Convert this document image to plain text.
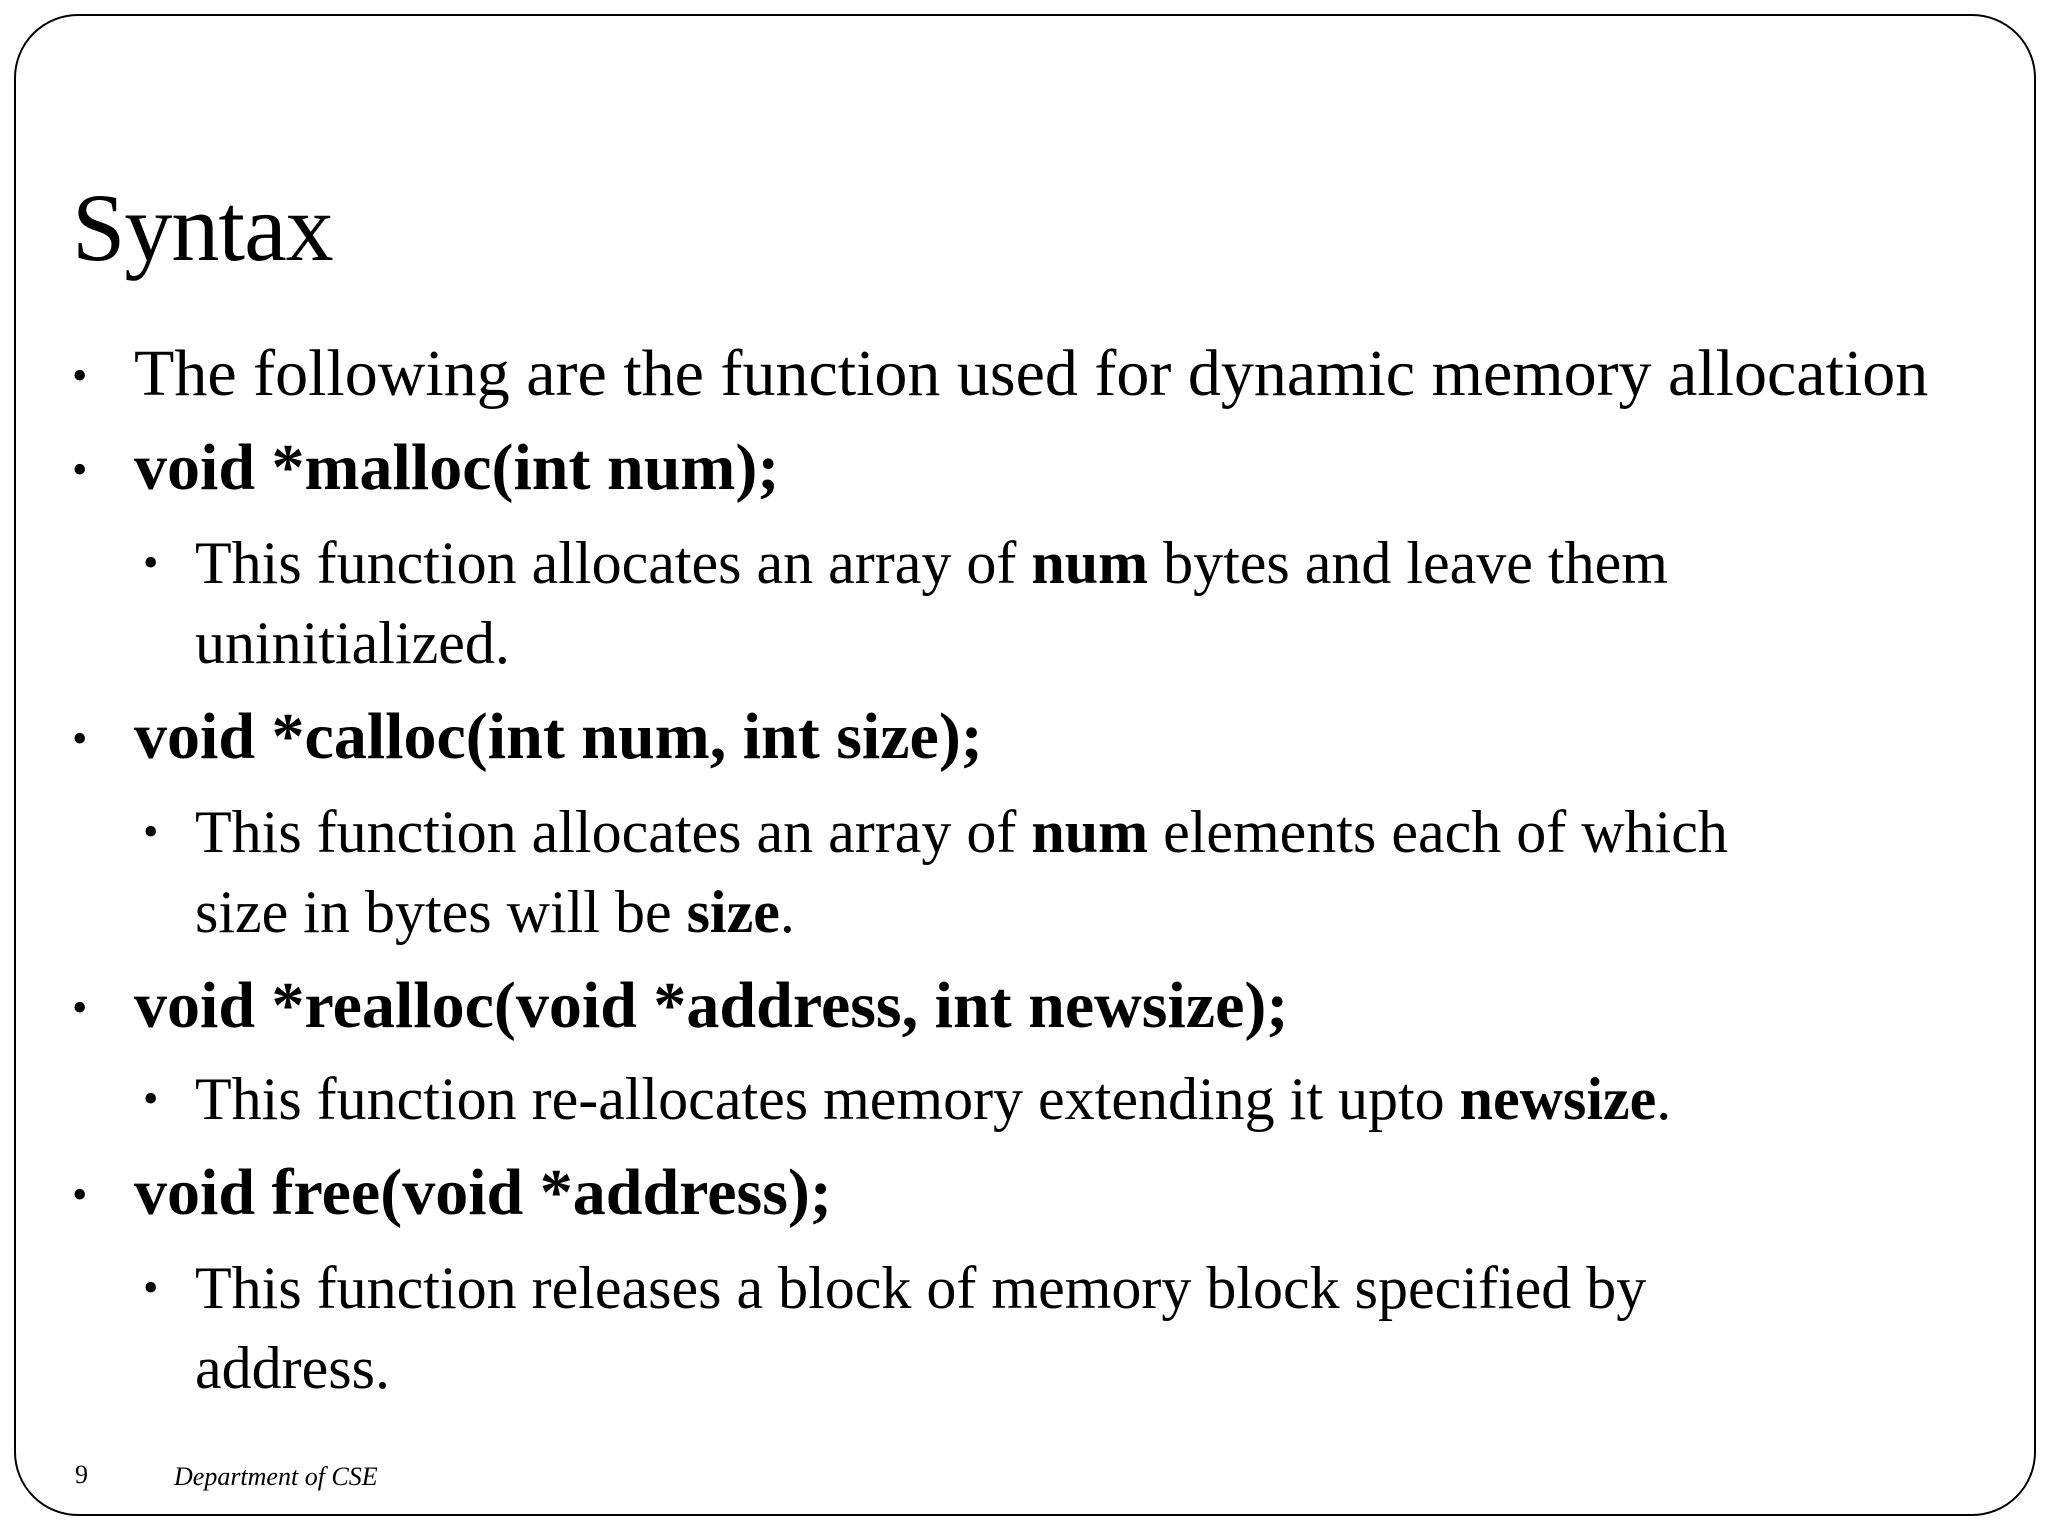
Syntax
• The following are the function used for dynamic memory allocation
• void *malloc(int num);
• This function allocates an array of num bytes and leave them
uninitialized.
• void *calloc(int num, int size);
• This function allocates an array of num elements each of which
size in bytes will be size.
• void *realloc(void *address, int newsize);
• This function re-allocates memory extending it upto newsize.
• void free(void *address);
• This function releases a block of memory block specified by
address.
9	Department of CSE
